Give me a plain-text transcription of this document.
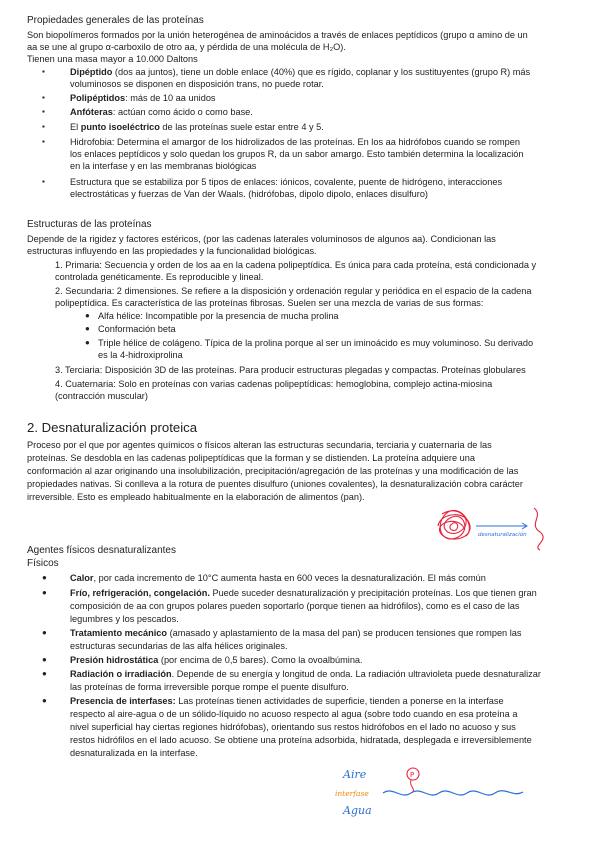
Propiedades generales de las proteínas
Son biopolímeros formados por la unión heterogénea de aminoácidos a través de enlaces peptídicos (grupo α amino de un
aa se une al grupo α-carboxilo de otro aa, y pérdida de una molécula de H₂O).
Tienen una masa mayor a 10.000 Daltons
▪	Dipéptido (dos aa juntos), tiene un doble enlace (40%) que es rígido, coplanar y los sustituyentes (grupo R) más
voluminosos se disponen en disposición trans, no puede rotar.
▪	Polipéptidos: más de 10 aa unidos
▪	Anfóteras: actúan como ácido o como base.
▪	El punto isoeléctrico de las proteínas suele estar entre 4 y 5.
▪	Hidrofobia: Determina el amargor de los hidrolizados de las proteínas. En los aa hidrófobos cuando se rompen
los enlaces peptídicos y solo quedan los grupos R, da un sabor amargo. Esto también determina la localización
en la interfase y en las membranas biológicas
▪	Estructura que se estabiliza por 5 tipos de enlaces: iónicos, covalente, puente de hidrógeno, interacciones
electrostáticas y fuerzas de Van der Waals. (hidrófobas, dipolo dipolo, enlaces disulfuro)
Estructuras de las proteínas
Depende de la rigidez y factores estéricos, (por las cadenas laterales voluminosos de algunos aa). Condicionan las
estructuras influyendo en las propiedades y la funcionalidad biológicas.
1. Primaria: Secuencia y orden de los aa en la cadena polipeptídica. Es única para cada proteína, está condicionada y
controlada genéticamente. Es reproducible y lineal.
2. Secundaria: 2 dimensiones. Se refiere a la disposición y ordenación regular y periódica en el espacio de la cadena
polipeptídica. Es característica de las proteínas fibrosas. Suelen ser una mezcla de varias de sus formas:
● Alfa hélice: Incompatible por la presencia de mucha prolina
● Conformación beta
● Triple hélice de colágeno. Típica de la prolina porque al ser un iminoácido es muy voluminoso. Su derivado
es la 4-hidroxiprolina
3. Terciaria: Disposición 3D de las proteínas. Para producir estructuras plegadas y compactas. Proteínas globulares
4. Cuaternaria: Solo en proteínas con varias cadenas polipeptídicas: hemoglobina, complejo actina-miosina
(contracción muscular)
2. Desnaturalización proteica
Proceso por el que por agentes químicos o físicos alteran las estructuras secundaria, terciaria y cuaternaria de las
proteínas. Se desdobla en las cadenas polipeptídicas que la forman y se distienden. La proteína adquiere una
conformación al azar originando una insolubilización, precipitación/agregación de las proteínas y una modificación de las
propiedades nativas. Si conlleva a la rotura de puentes disulfuro (uniones covalentes), la desnaturalización cobra carácter
irreversible. Esto es empleado habitualmente en la elaboración de alimentos (pan).
desnaturalización
Agentes físicos desnaturalizantes
Físicos
●	Calor, por cada incremento de 10°C aumenta hasta en 600 veces la desnaturalización. El más común
●	Frío, refrigeración, congelación. Puede suceder desnaturalización y precipitación proteínas. Los que tienen gran
composición de aa con grupos polares pueden soportarlo (porque tienen aa hidrófilos), como es el caso de las
legumbres y los pescados.
●	Tratamiento mecánico (amasado y aplastamiento de la masa del pan) se producen tensiones que rompen las
estructuras secundarias de las alfa hélices originales.
●	Presión hidrostática (por encima de 0,5 bares). Como la ovoalbúmina.
●	Radiación o irradiación. Depende de su energía y longitud de onda. La radiación ultravioleta puede desnaturalizar
las proteínas de forma irreversible porque rompe el puente disulfuro.
●	Presencia de interfases: Las proteínas tienen actividades de superficie, tienden a ponerse en la interfase
respecto al aire-agua o de un sólido-líquido no acuoso respecto al agua (sobre todo cuando en esa proteína a
nivel superficial hay ciertas regiones hidrófobas), orientando sus restos hidrófobos en el lado no acuoso y sus
restos hidrófilos en el lado acuoso. Se obtiene una proteína adsorbida, hidratada, desplegada e irreversiblemente
desnaturalizada en la interfase.
Aire
interfase
Agua
P
